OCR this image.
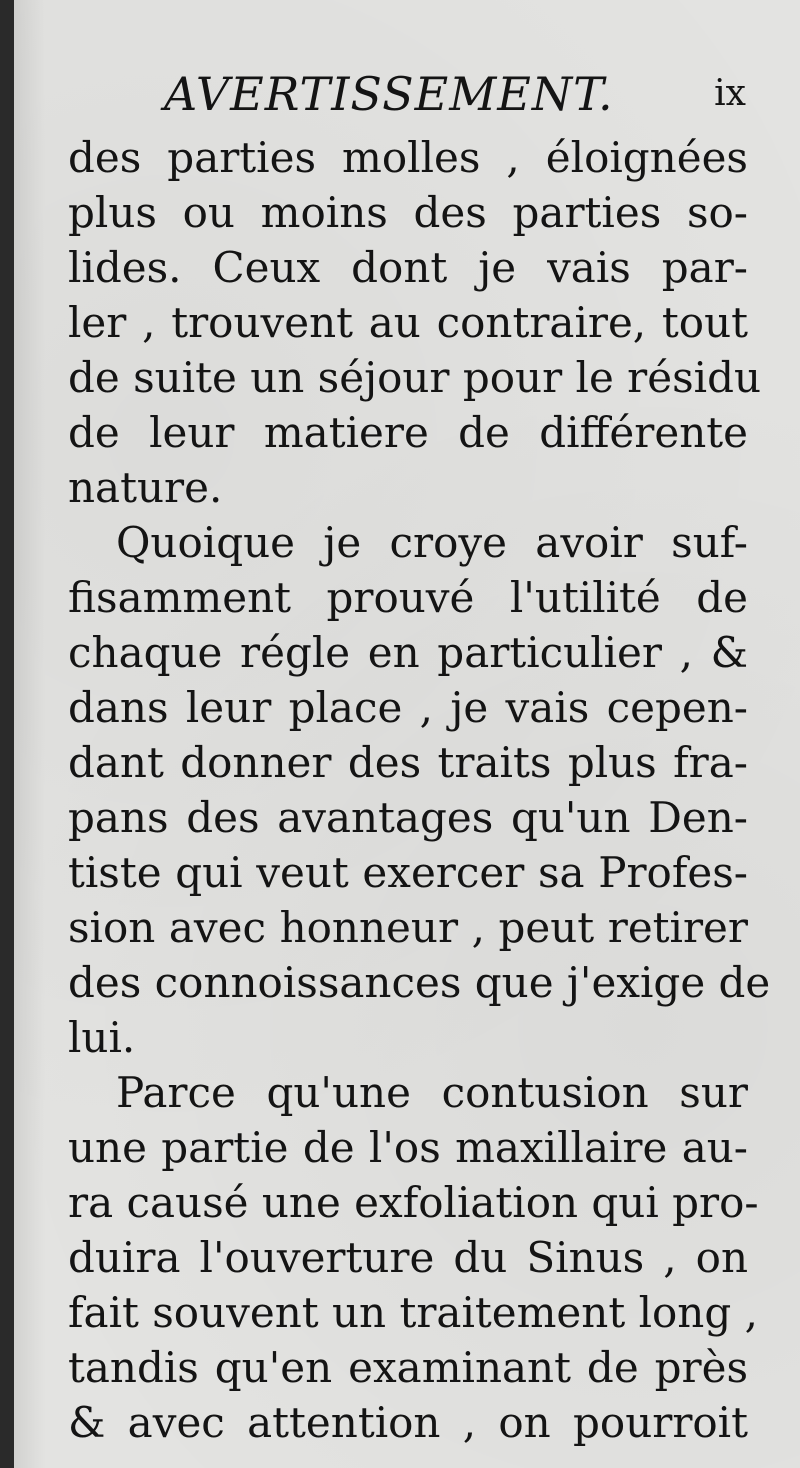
AVERTISSEMENT.	ix
des parties molles , éloignées
plus ou moins des parties so-
lides. Ceux dont je vais par-
ler , trouvent au contraire, tout
de suite un séjour pour le résidu
de leur matiere de différente
nature.
Quoique je croye avoir suf-
fisamment prouvé l'utilité de
chaque régle en particulier , &
dans leur place , je vais cepen-
dant donner des traits plus fra-
pans des avantages qu'un Den-
tiste qui veut exercer sa Profes-
sion avec honneur , peut retirer
des connoissances que j'exige de
lui.
Parce qu'une contusion sur
une partie de l'os maxillaire au-
ra causé une exfoliation qui pro-
duira l'ouverture du Sinus , on
fait souvent un traitement long ,
tandis qu'en examinant de près
& avec attention , on pourroit
